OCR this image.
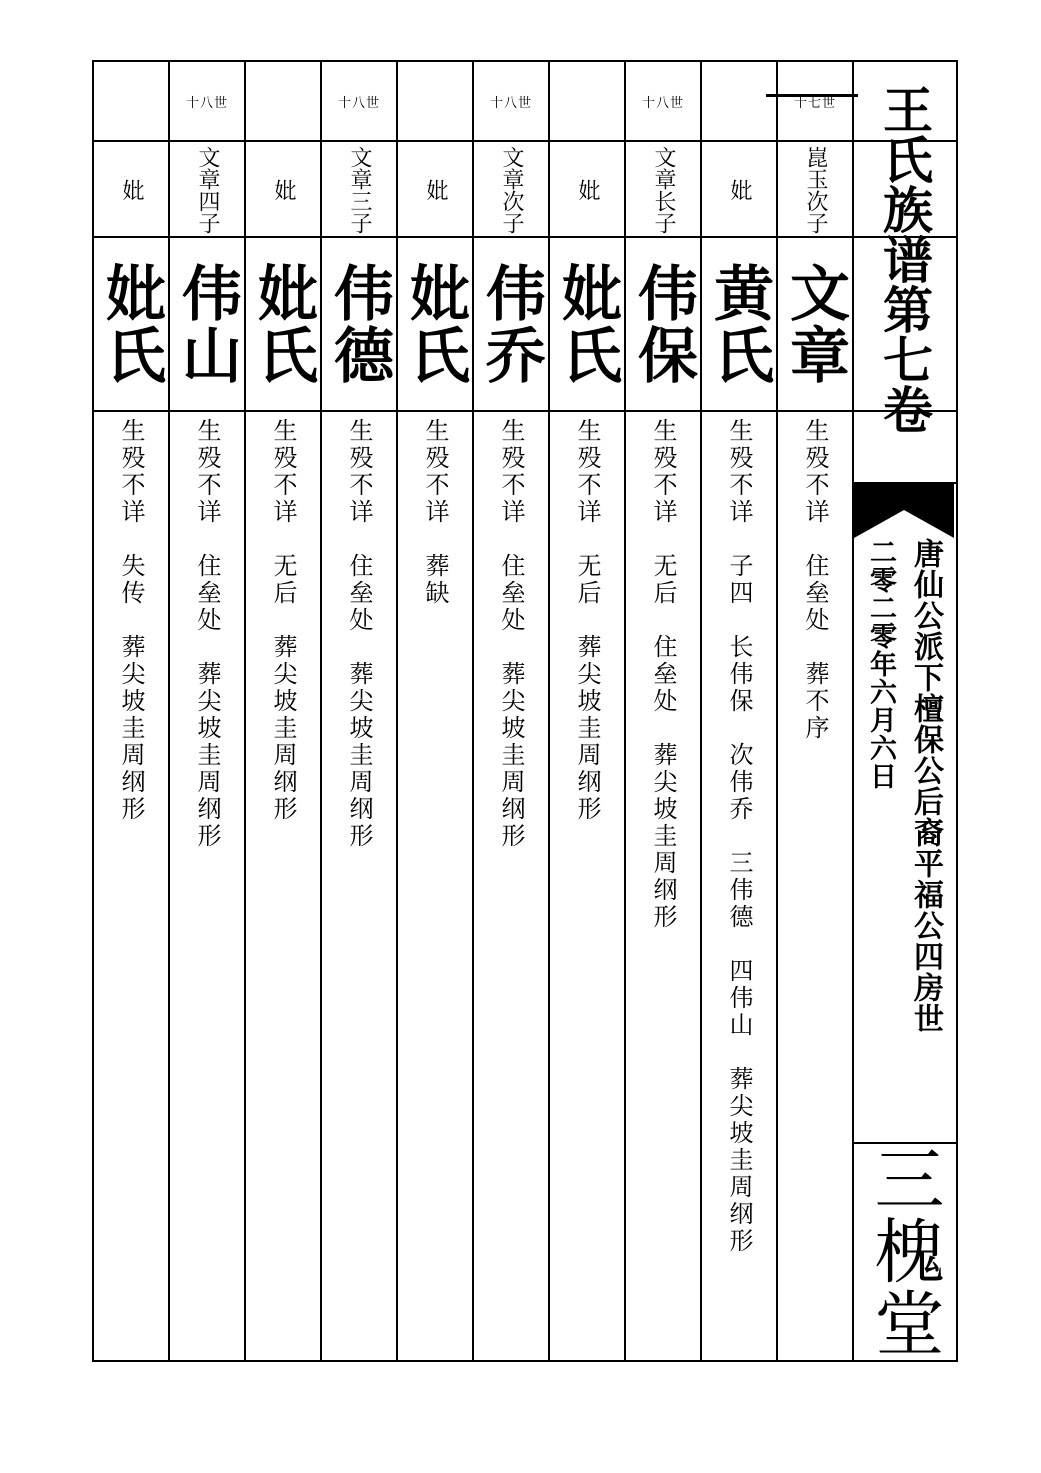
十七世
崑玉次子
文章
生殁不详　住垒处　葬不序
妣
黄氏
生殁不详　子四　长伟保　次伟乔　三伟德　四伟山　葬尖坡圭周纲形
十八世
文章长子
伟保
生殁不详　无后　住垒处　葬尖坡圭周纲形
妣
妣氏
生殁不详　无后　葬尖坡圭周纲形
十八世
文章次子
伟乔
生殁不详　住垒处　葬尖坡圭周纲形
妣
妣氏
生殁不详　葬缺
十八世
文章三子
伟德
生殁不详　住垒处　葬尖坡圭周纲形
妣
妣氏
生殁不详　无后　葬尖坡圭周纲形
十八世
文章四子
伟山
生殁不详　住垒处　葬尖坡圭周纲形
妣
妣氏
生殁不详　失传　葬尖坡圭周纲形
王氏族谱第七卷
唐仙公派下檀保公后裔平福公四房世
二零二零年六月六日
三槐堂
